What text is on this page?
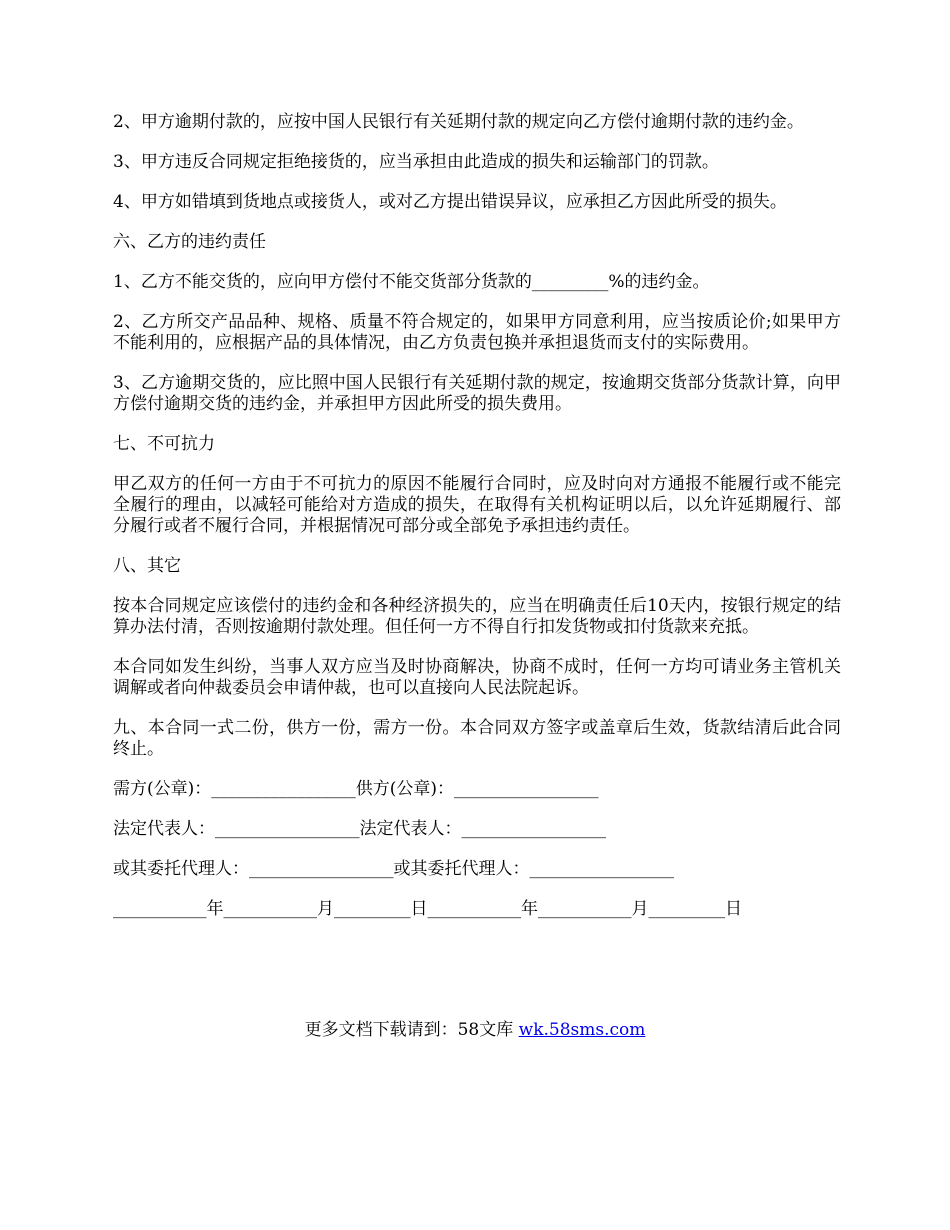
2、甲方逾期付款的，应按中国人民银行有关延期付款的规定向乙方偿付逾期付款的违约金。

3、甲方违反合同规定拒绝接货的，应当承担由此造成的损失和运输部门的罚款。

4、甲方如错填到货地点或接货人，或对乙方提出错误异议，应承担乙方因此所受的损失。

六、乙方的违约责任

1、乙方不能交货的，应向甲方偿付不能交货部分货款的_________%的违约金。

2、乙方所交产品品种、规格、质量不符合规定的，如果甲方同意利用，应当按质论价;如果甲方不能利用的，应根据产品的具体情况，由乙方负责包换并承担退货而支付的实际费用。

3、乙方逾期交货的，应比照中国人民银行有关延期付款的规定，按逾期交货部分货款计算，向甲方偿付逾期交货的违约金，并承担甲方因此所受的损失费用。

七、不可抗力

甲乙双方的任何一方由于不可抗力的原因不能履行合同时，应及时向对方通报不能履行或不能完全履行的理由，以减轻可能给对方造成的损失，在取得有关机构证明以后，以允许延期履行、部分履行或者不履行合同，并根据情况可部分或全部免予承担违约责任。

八、其它

按本合同规定应该偿付的违约金和各种经济损失的，应当在明确责任后10天内，按银行规定的结算办法付清，否则按逾期付款处理。但任何一方不得自行扣发货物或扣付货款来充抵。

本合同如发生纠纷，当事人双方应当及时协商解决，协商不成时，任何一方均可请业务主管机关调解或者向仲裁委员会申请仲裁，也可以直接向人民法院起诉。

九、本合同一式二份，供方一份，需方一份。本合同双方签字或盖章后生效，货款结清后此合同终止。

需方(公章)：_________________供方(公章)：_________________
法定代表人：_________________法定代表人：_________________
或其委托代理人：_________________或其委托代理人：_________________
___________年___________月_________日___________年___________月_________日
更多文档下载请到：58文库 wk.58sms.com
